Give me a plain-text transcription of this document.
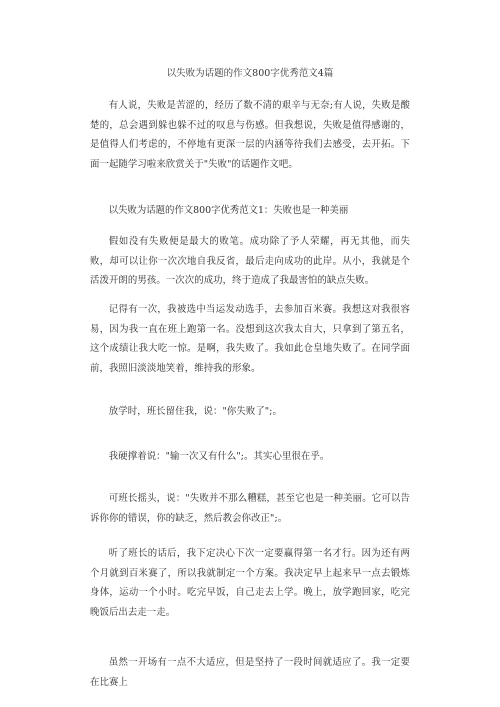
以失败为话题的作文800字优秀范文4篇

有人说，失败是苦涩的，经历了数不清的艰辛与无奈;有人说，失败是酸楚的，总会遇到躲也躲不过的叹息与伤感。但我想说，失败是值得感谢的，是值得人们考虑的，不停地有更深一层的内涵等待我们去感受，去开拓。下面一起随学习啦来欣赏关于"失败"的话题作文吧。

以失败为话题的作文800字优秀范文1：失败也是一种美丽

假如没有失败便是最大的败笔。成功除了予人荣耀，再无其他，而失败，却可以让你一次次地自我反省，最后走向成功的此岸。从小，我就是个活泼开朗的男孩。一次次的成功，终于造成了我最害怕的缺点失败。

记得有一次，我被选中当运发动选手，去参加百米赛。我想这对我很容易，因为我一直在班上跑第一名。没想到这次我太自大，只拿到了第五名，这个成绩让我大吃一惊。是啊，我失败了。我如此仓皇地失败了。在同学面前，我照旧淡淡地笑着，维持我的形象。

放学时，班长留住我，说："你失败了";。

我硬撑着说："输一次又有什么";。其实心里很在乎。

可班长摇头，说："失败并不那么糟糕，甚至它也是一种美丽。它可以告诉你你的错误，你的缺乏，然后教会你改正";。

听了班长的话后，我下定决心下次一定要赢得第一名才行。因为还有两个月就到百米赛了，所以我就制定一个方案。我决定早上起来早一点去锻炼身体，运动一个小时。吃完早饭，自己走去上学。晚上，放学跑回家，吃完晚饭后出去走一走。

虽然一开场有一点不大适应，但是坚持了一段时间就适应了。我一定要在比赛上
